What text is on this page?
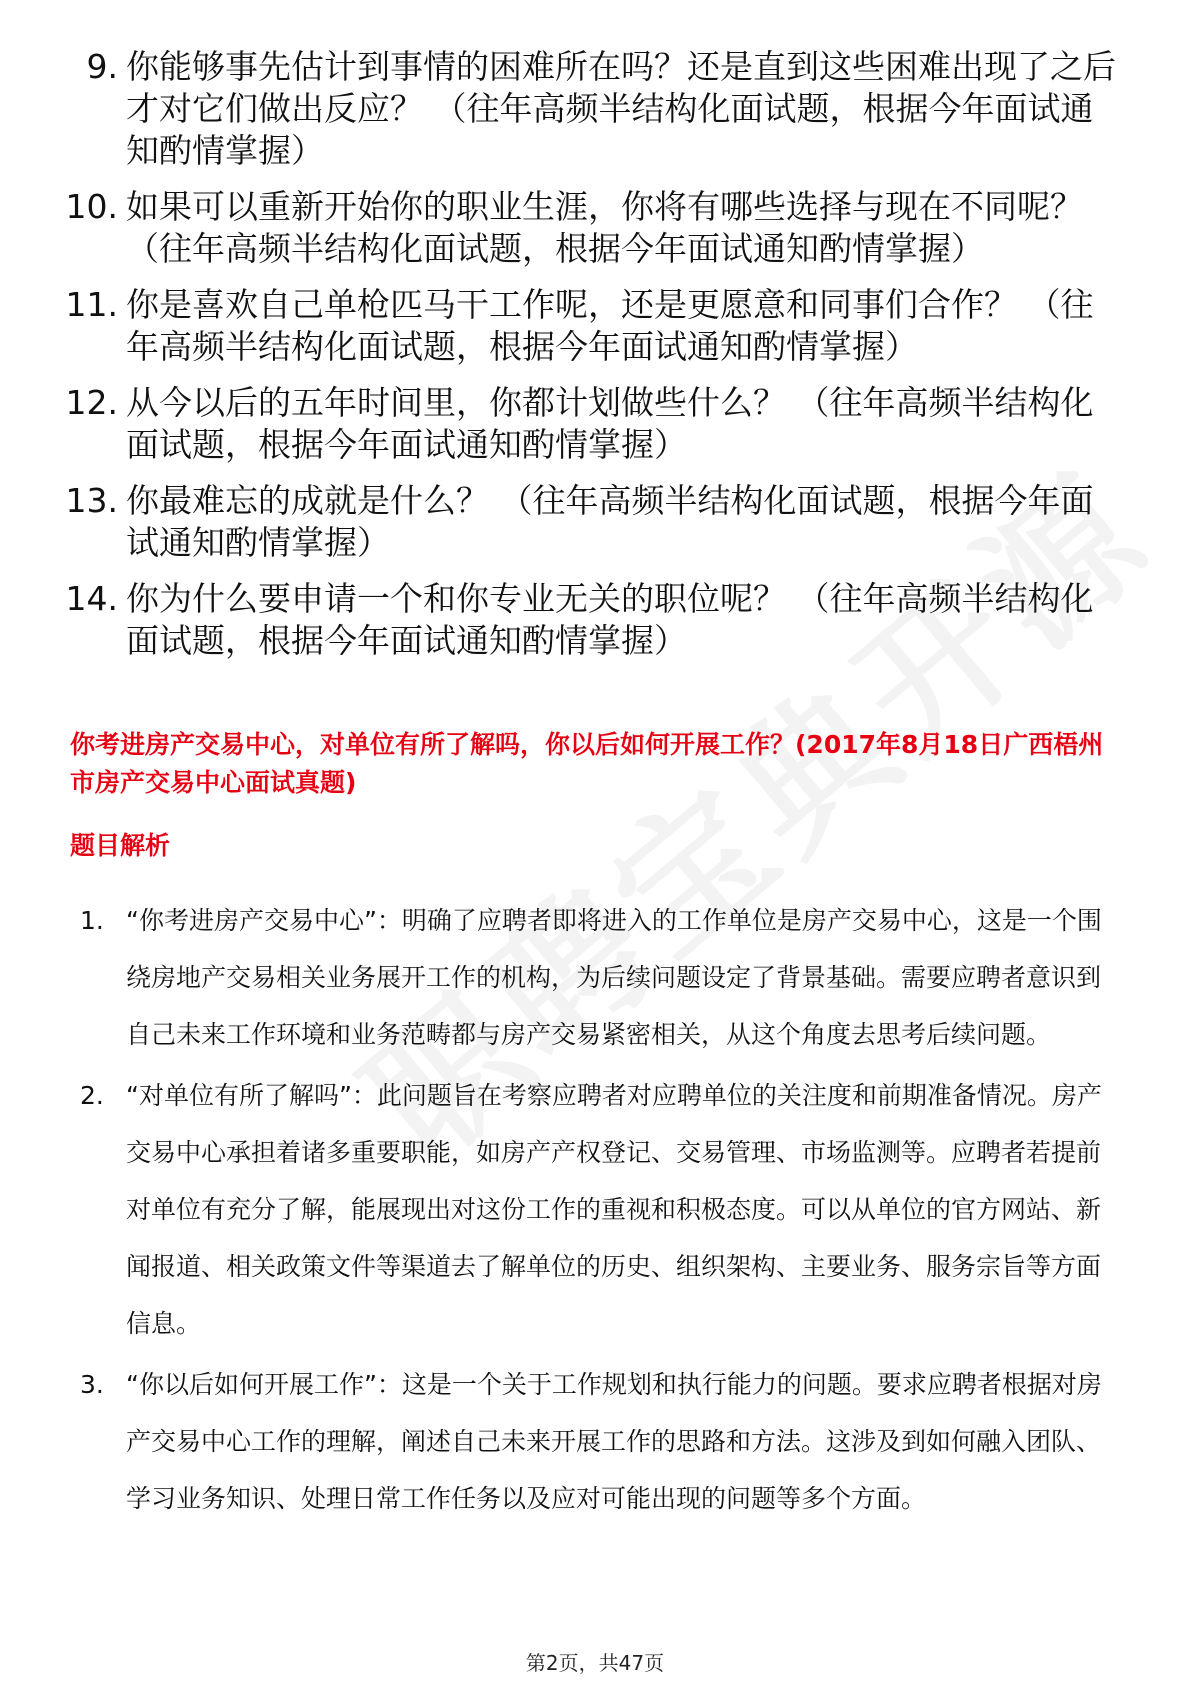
9. 你能够事先估计到事情的困难所在吗？还是直到这些困难出现了之后才对它们做出反应？ （往年高频半结构化面试题，根据今年面试通知酌情掌握）
10. 如果可以重新开始你的职业生涯，你将有哪些选择与现在不同呢？ （往年高频半结构化面试题，根据今年面试通知酌情掌握）
11. 你是喜欢自己单枪匹马干工作呢，还是更愿意和同事们合作？ （往年高频半结构化面试题，根据今年面试通知酌情掌握）
12. 从今以后的五年时间里，你都计划做些什么？ （往年高频半结构化面试题，根据今年面试通知酌情掌握）
13. 你最难忘的成就是什么？ （往年高频半结构化面试题，根据今年面试通知酌情掌握）
14. 你为什么要申请一个和你专业无关的职位呢？ （往年高频半结构化面试题，根据今年面试通知酌情掌握）
你考进房产交易中心，对单位有所了解吗，你以后如何开展工作？(2017年8月18日广西梧州市房产交易中心面试真题)
题目解析
1. “你考进房产交易中心”：明确了应聘者即将进入的工作单位是房产交易中心，这是一个围绕房地产交易相关业务展开工作的机构，为后续问题设定了背景基础。需要应聘者意识到自己未来工作环境和业务范畴都与房产交易紧密相关，从这个角度去思考后续问题。
2. “对单位有所了解吗”：此问题旨在考察应聘者对应聘单位的关注度和前期准备情况。房产交易中心承担着诸多重要职能，如房产产权登记、交易管理、市场监测等。应聘者若提前对单位有充分了解，能展现出对这份工作的重视和积极态度。可以从单位的官方网站、新闻报道、相关政策文件等渠道去了解单位的历史、组织架构、主要业务、服务宗旨等方面信息。
3. “你以后如何开展工作”：这是一个关于工作规划和执行能力的问题。要求应聘者根据对房产交易中心工作的理解，阐述自己未来开展工作的思路和方法。这涉及到如何融入团队、学习业务知识、处理日常工作任务以及应对可能出现的问题等多个方面。
第2页，共47页
